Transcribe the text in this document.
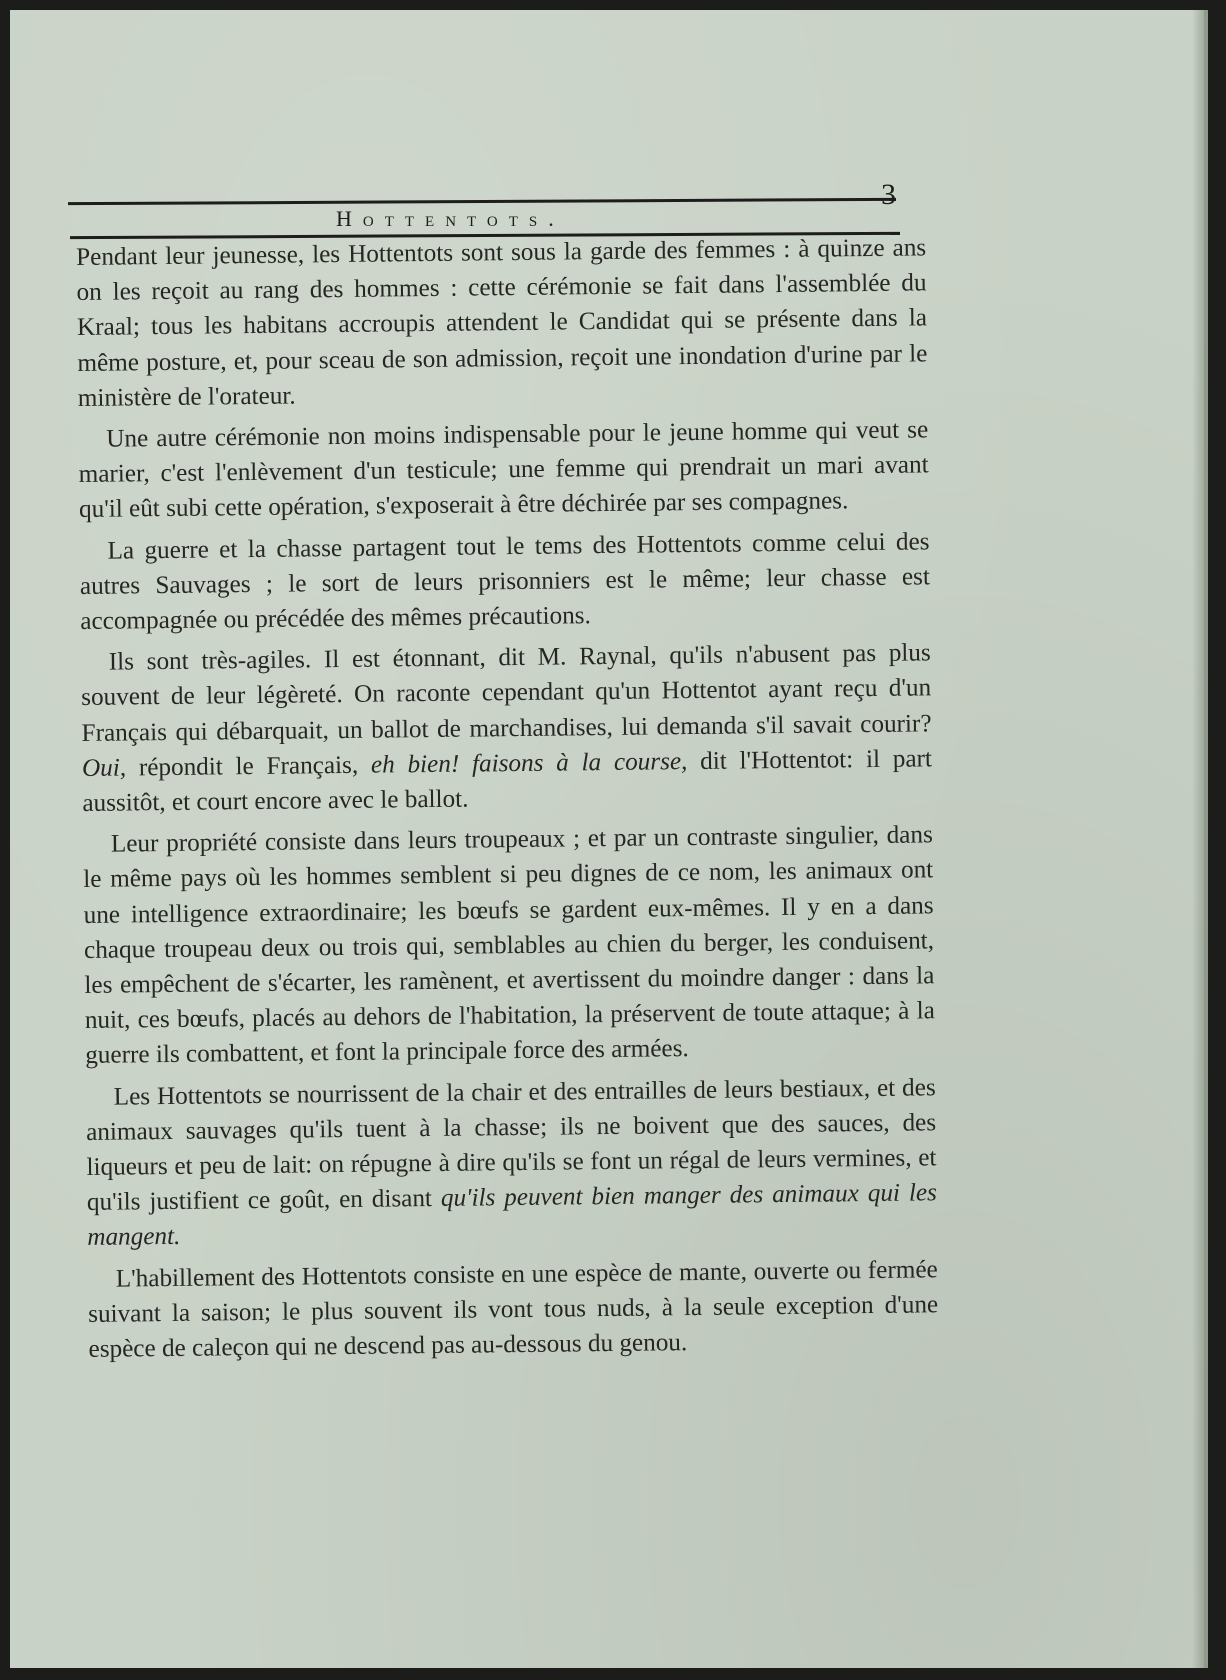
Hottentots.
3

Pendant leur jeunesse, les Hottentots sont sous la garde des femmes : à quinze ans on les reçoit au rang des hommes : cette cérémonie se fait dans l'assemblée du Kraal; tous les habitans accroupis attendent le Candidat qui se présente dans la même posture, et, pour sceau de son admission, reçoit une inondation d'urine par le ministère de l'orateur.

Une autre cérémonie non moins indispensable pour le jeune homme qui veut se marier, c'est l'enlèvement d'un testicule; une femme qui prendrait un mari avant qu'il eût subi cette opération, s'exposerait à être déchirée par ses compagnes.

La guerre et la chasse partagent tout le tems des Hottentots comme celui des autres Sauvages ; le sort de leurs prisonniers est le même; leur chasse est accompagnée ou précédée des mêmes précautions.

Ils sont très-agiles. Il est étonnant, dit M. Raynal, qu'ils n'abusent pas plus souvent de leur légèreté. On raconte cependant qu'un Hottentot ayant reçu d'un Français qui débarquait, un ballot de marchandises, lui demanda s'il savait courir? Oui, répondit le Français, eh bien! faisons à la course, dit l'Hottentot: il part aussitôt, et court encore avec le ballot.

Leur propriété consiste dans leurs troupeaux ; et par un contraste singulier, dans le même pays où les hommes semblent si peu dignes de ce nom, les animaux ont une intelligence extraordinaire; les bœufs se gardent eux-mêmes. Il y en a dans chaque troupeau deux ou trois qui, semblables au chien du berger, les conduisent, les empêchent de s'écarter, les ramènent, et avertissent du moindre danger : dans la nuit, ces bœufs, placés au dehors de l'habitation, la préservent de toute attaque; à la guerre ils combattent, et font la principale force des armées.

Les Hottentots se nourrissent de la chair et des entrailles de leurs bestiaux, et des animaux sauvages qu'ils tuent à la chasse; ils ne boivent que des sauces, des liqueurs et peu de lait: on répugne à dire qu'ils se font un régal de leurs vermines, et qu'ils justifient ce goût, en disant qu'ils peuvent bien manger des animaux qui les mangent.

L'habillement des Hottentots consiste en une espèce de mante, ouverte ou fermée suivant la saison; le plus souvent ils vont tous nuds, à la seule exception d'une espèce de caleçon qui ne descend pas au-dessous du genou.
